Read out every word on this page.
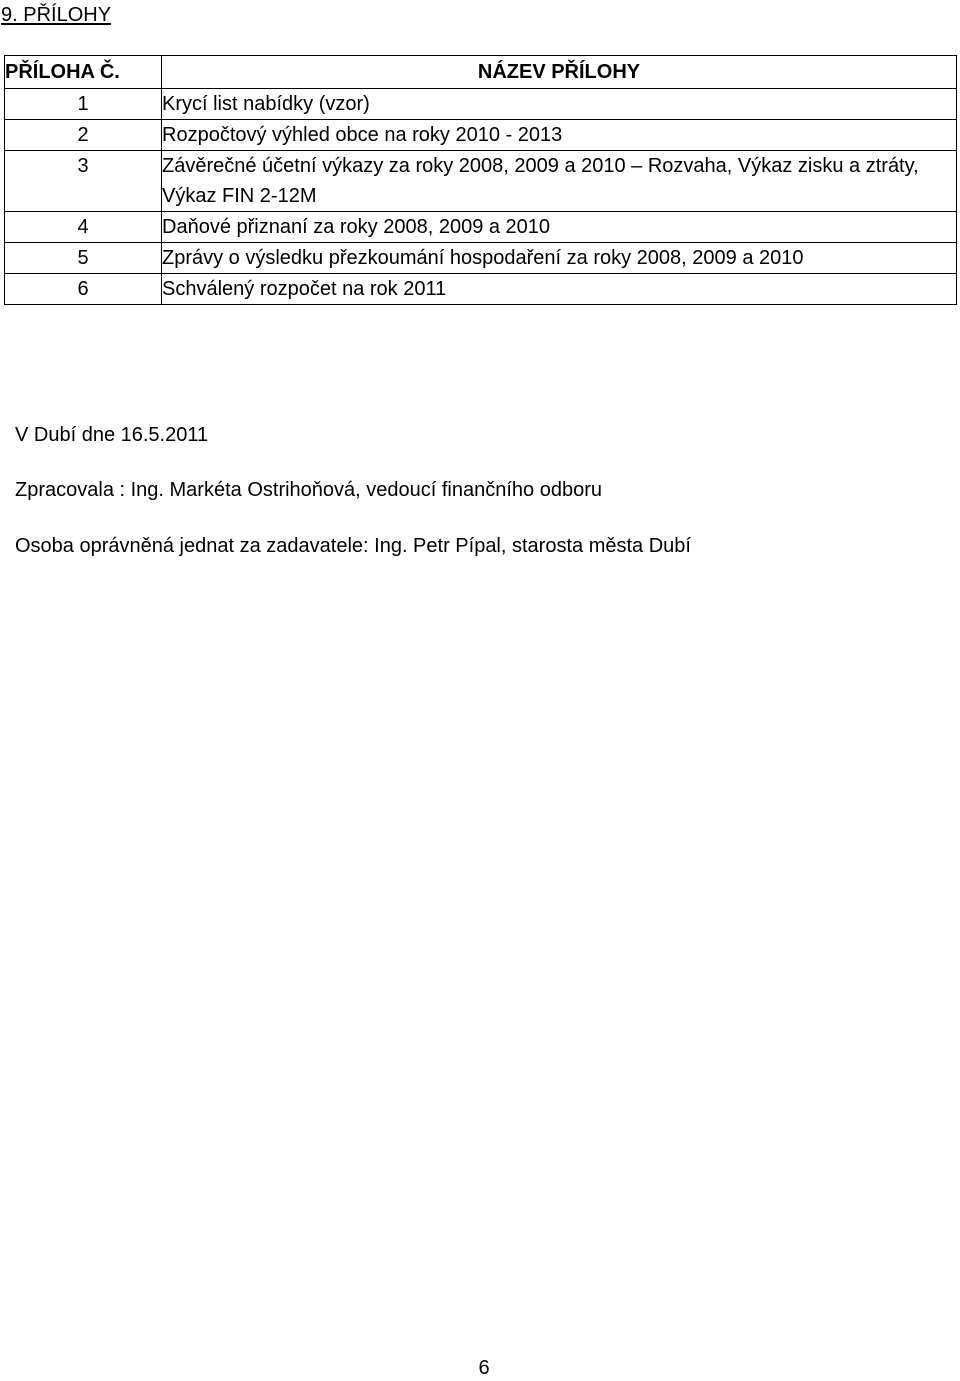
9. PŘÍLOHY
PŘÍLOHA Č.	NÁZEV PŘÍLOHY
1	Krycí list nabídky (vzor)
2	Rozpočtový výhled obce na roky 2010 - 2013
3	Závěrečné účetní výkazy za roky 2008, 2009 a 2010 – Rozvaha, Výkaz zisku a ztráty, Výkaz FIN 2-12M
4	Daňové přiznaní za roky 2008, 2009 a 2010
5	Zprávy o výsledku přezkoumání hospodaření za roky 2008, 2009 a 2010
6	Schválený rozpočet na rok 2011

V Dubí dne 16.5.2011

Zpracovala : Ing. Markéta Ostrihoňová, vedoucí finančního odboru

Osoba oprávněná jednat za zadavatele: Ing. Petr Pípal, starosta města Dubí

6
